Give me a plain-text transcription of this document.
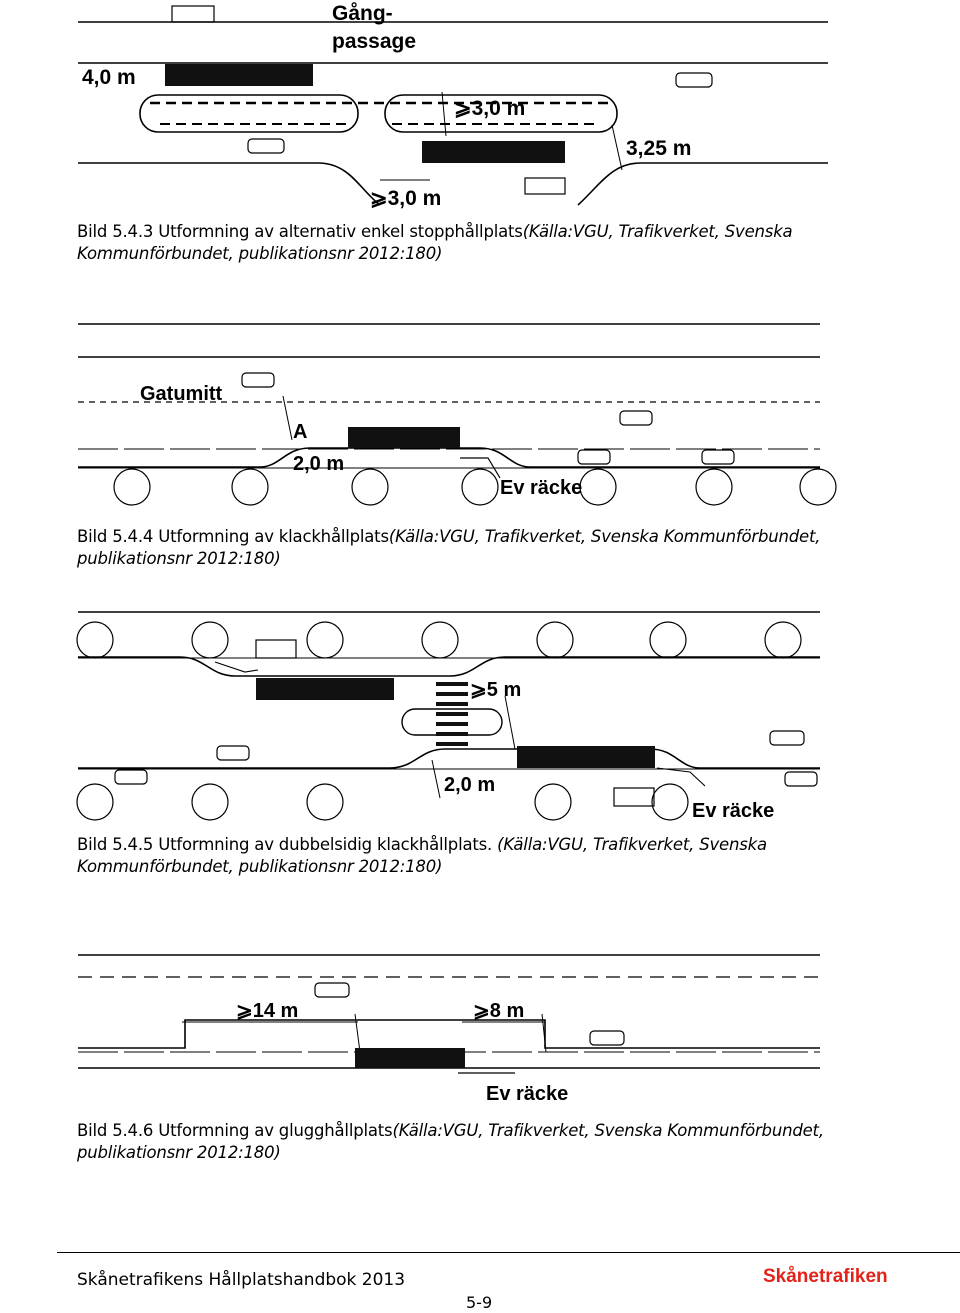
Gång-
passage
4,0 m
⩾3,0 m
3,25 m
⩾3,0 m
Bild 5.4.3 Utformning av alternativ enkel stopphållplats(Källa:VGU, Trafikverket, Svenska Kommunförbundet, publikationsnr 2012:180)
Gatumitt
A
2,0 m
Ev räcke
Bild 5.4.4 Utformning av klackhållplats(Källa:VGU, Trafikverket, Svenska Kommunförbundet, publikationsnr 2012:180)
⩾5 m
2,0 m
Ev räcke
Bild 5.4.5 Utformning av dubbelsidig klackhållplats. (Källa:VGU, Trafikverket, Svenska Kommunförbundet, publikationsnr 2012:180)
⩾14 m	⩾8 m
Ev räcke
Bild 5.4.6 Utformning av glugghållplats(Källa:VGU, Trafikverket, Svenska Kommunförbundet, publikationsnr 2012:180)
Skånetrafikens Hållplatshandbok 2013	Skånetrafiken
5-9
